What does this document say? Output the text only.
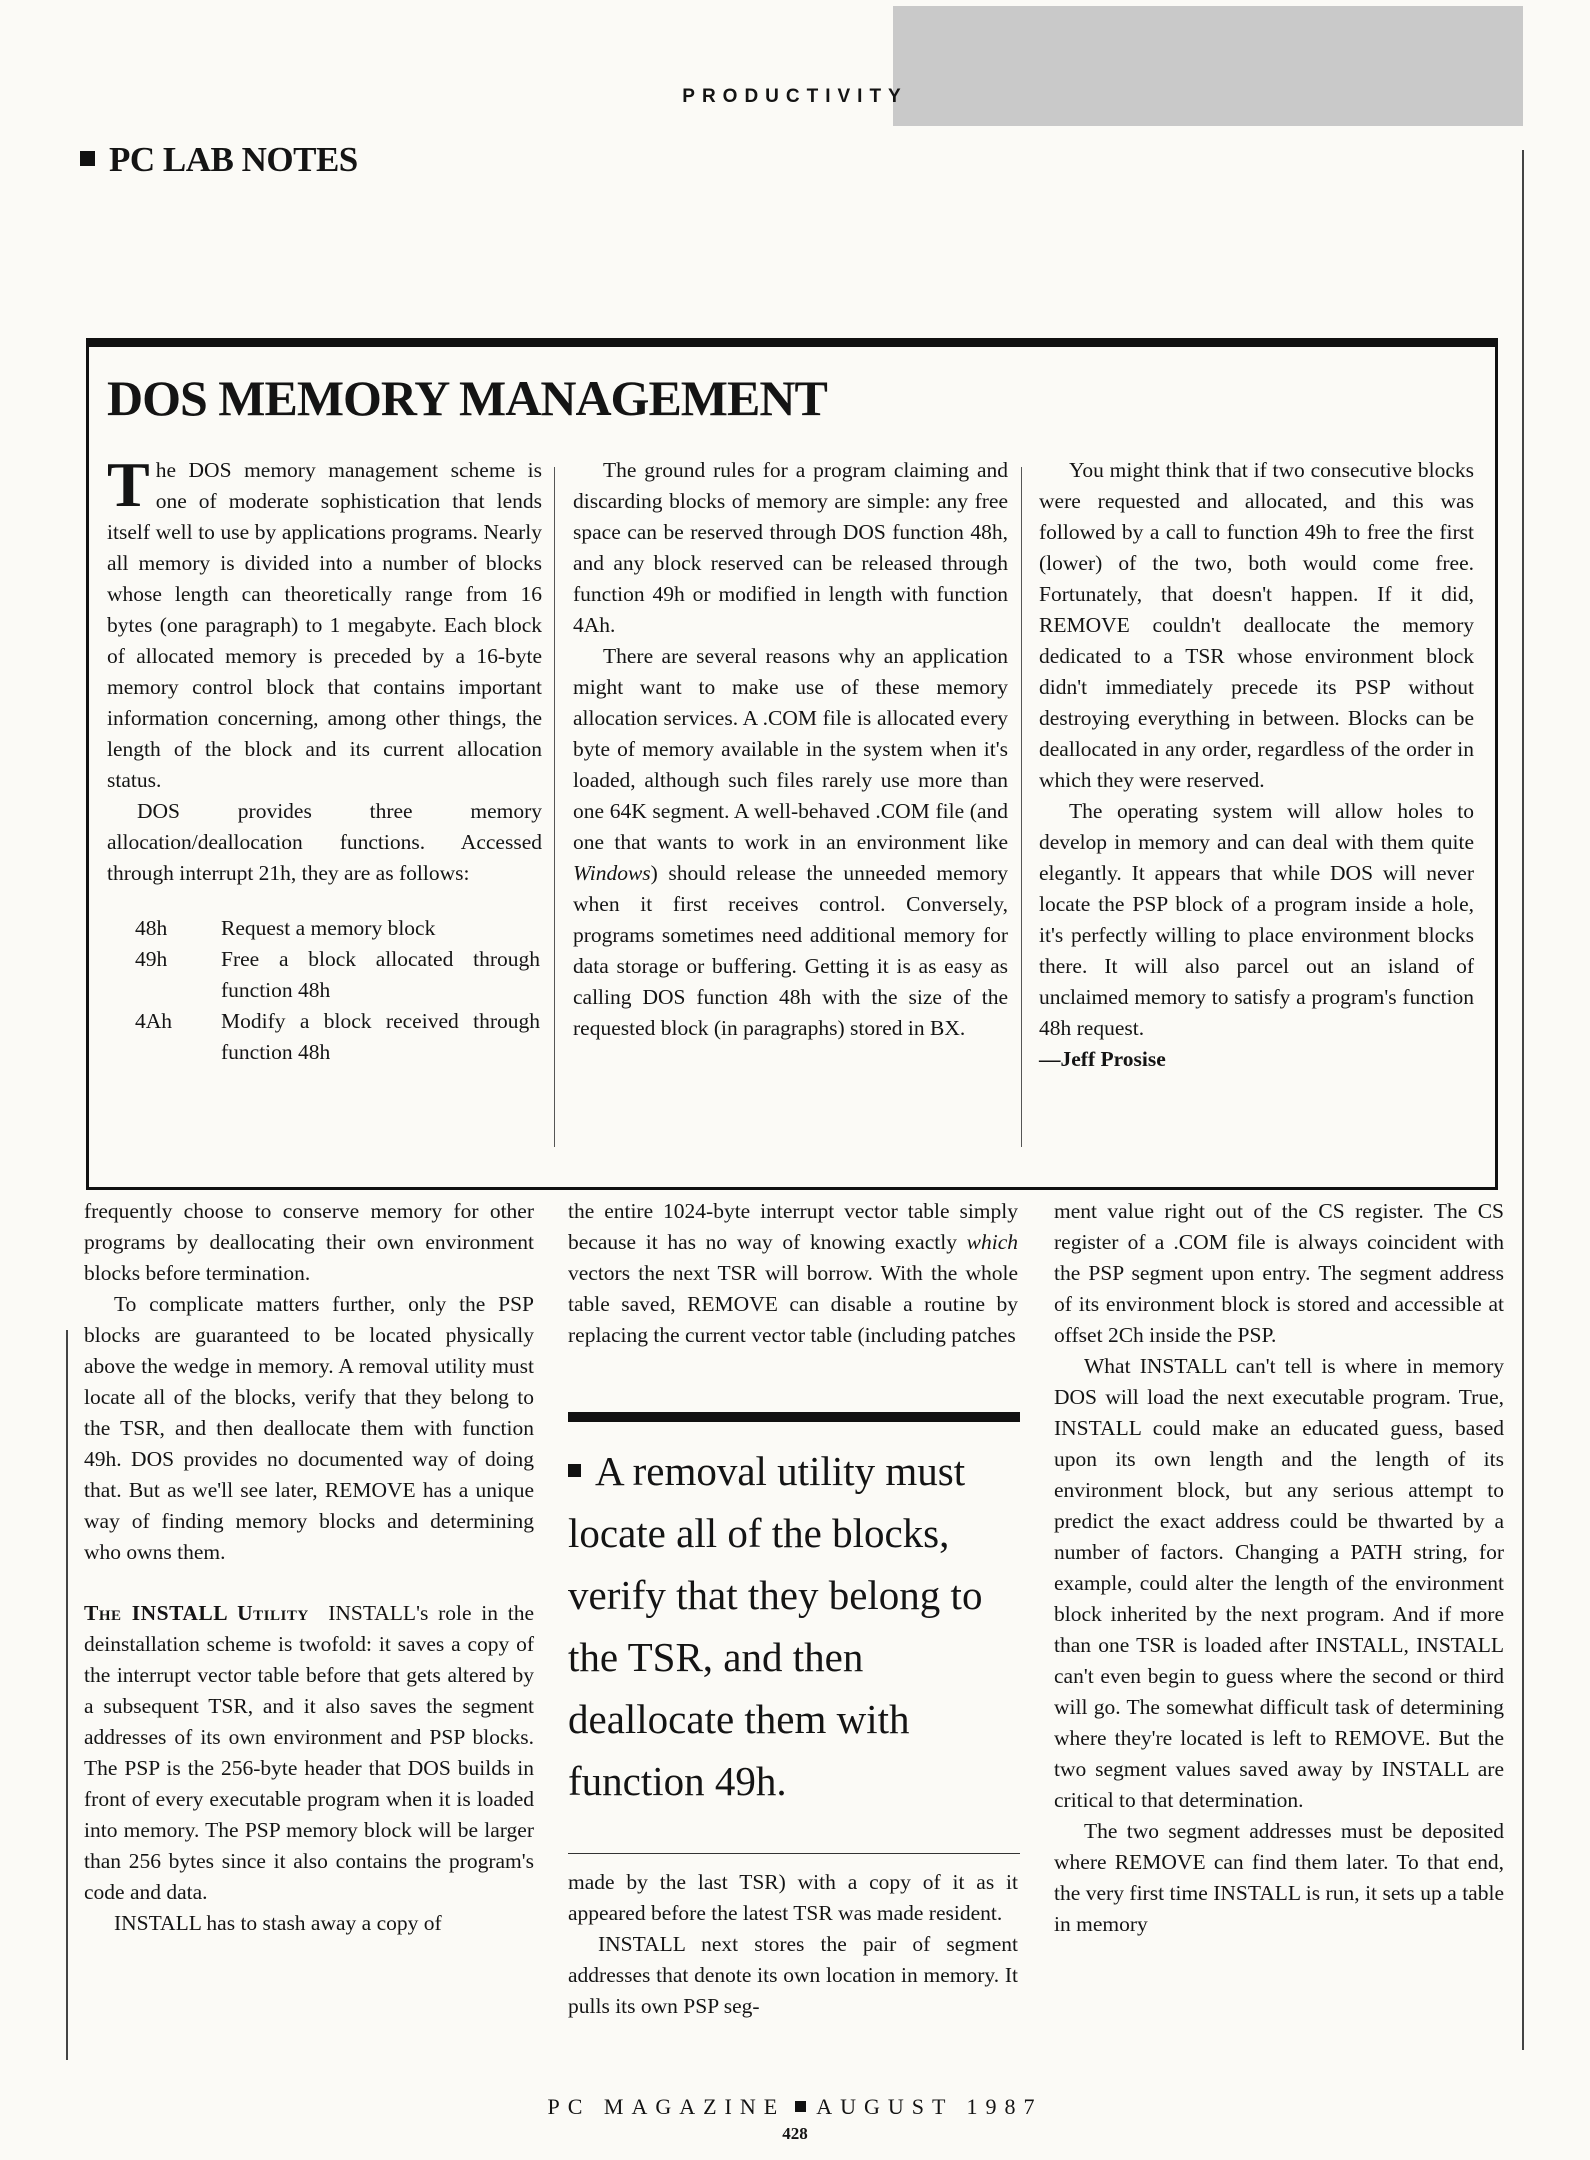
PRODUCTIVITY
PC LAB NOTES
DOS MEMORY MANAGEMENT

The DOS memory management scheme is one of moderate sophistication that lends itself well to use by applications programs. Nearly all memory is divided into a number of blocks whose length can theoretically range from 16 bytes (one paragraph) to 1 megabyte. Each block of allocated memory is preceded by a 16-byte memory control block that contains important information concerning, among other things, the length of the block and its current allocation status.

DOS provides three memory allocation/deallocation functions. Accessed through interrupt 21h, they are as follows:

48h	Request a memory block
49h	Free a block allocated through function 48h
4Ah	Modify a block received through function 48h

The ground rules for a program claiming and discarding blocks of memory are simple: any free space can be reserved through DOS function 48h, and any block reserved can be released through function 49h or modified in length with function 4Ah.

There are several reasons why an application might want to make use of these memory allocation services. A .COM file is allocated every byte of memory available in the system when it's loaded, although such files rarely use more than one 64K segment. A well-behaved .COM file (and one that wants to work in an environment like Windows) should release the unneeded memory when it first receives control. Conversely, programs sometimes need additional memory for data storage or buffering. Getting it is as easy as calling DOS function 48h with the size of the requested block (in paragraphs) stored in BX.

You might think that if two consecutive blocks were requested and allocated, and this was followed by a call to function 49h to free the first (lower) of the two, both would come free. Fortunately, that doesn't happen. If it did, REMOVE couldn't deallocate the memory dedicated to a TSR whose environment block didn't immediately precede its PSP without destroying everything in between. Blocks can be deallocated in any order, regardless of the order in which they were reserved.

The operating system will allow holes to develop in memory and can deal with them quite elegantly. It appears that while DOS will never locate the PSP block of a program inside a hole, it's perfectly willing to place environment blocks there. It will also parcel out an island of unclaimed memory to satisfy a program's function 48h request.

—Jeff Prosise

frequently choose to conserve memory for other programs by deallocating their own environment blocks before termination.

To complicate matters further, only the PSP blocks are guaranteed to be located physically above the wedge in memory. A removal utility must locate all of the blocks, verify that they belong to the TSR, and then deallocate them with function 49h. DOS provides no documented way of doing that. But as we'll see later, REMOVE has a unique way of finding memory blocks and determining who owns them.

The INSTALL Utility INSTALL's role in the deinstallation scheme is twofold: it saves a copy of the interrupt vector table before that gets altered by a subsequent TSR, and it also saves the segment addresses of its own environment and PSP blocks. The PSP is the 256-byte header that DOS builds in front of every executable program when it is loaded into memory. The PSP memory block will be larger than 256 bytes since it also contains the program's code and data.

INSTALL has to stash away a copy of

the entire 1024-byte interrupt vector table simply because it has no way of knowing exactly which vectors the next TSR will borrow. With the whole table saved, REMOVE can disable a routine by replacing the current vector table (including patches

A removal utility must locate all of the blocks, verify that they belong to the TSR, and then deallocate them with function 49h.

made by the last TSR) with a copy of it as it appeared before the latest TSR was made resident.

INSTALL next stores the pair of segment addresses that denote its own location in memory. It pulls its own PSP seg-

ment value right out of the CS register. The CS register of a .COM file is always coincident with the PSP segment upon entry. The segment address of its environment block is stored and accessible at offset 2Ch inside the PSP.

What INSTALL can't tell is where in memory DOS will load the next executable program. True, INSTALL could make an educated guess, based upon its own length and the length of its environment block, but any serious attempt to predict the exact address could be thwarted by a number of factors. Changing a PATH string, for example, could alter the length of the environment block inherited by the next program. And if more than one TSR is loaded after INSTALL, INSTALL can't even begin to guess where the second or third will go. The somewhat difficult task of determining where they're located is left to REMOVE. But the two segment values saved away by INSTALL are critical to that determination.

The two segment addresses must be deposited where REMOVE can find them later. To that end, the very first time INSTALL is run, it sets up a table in memory

PC MAGAZINE AUGUST 1987
428
